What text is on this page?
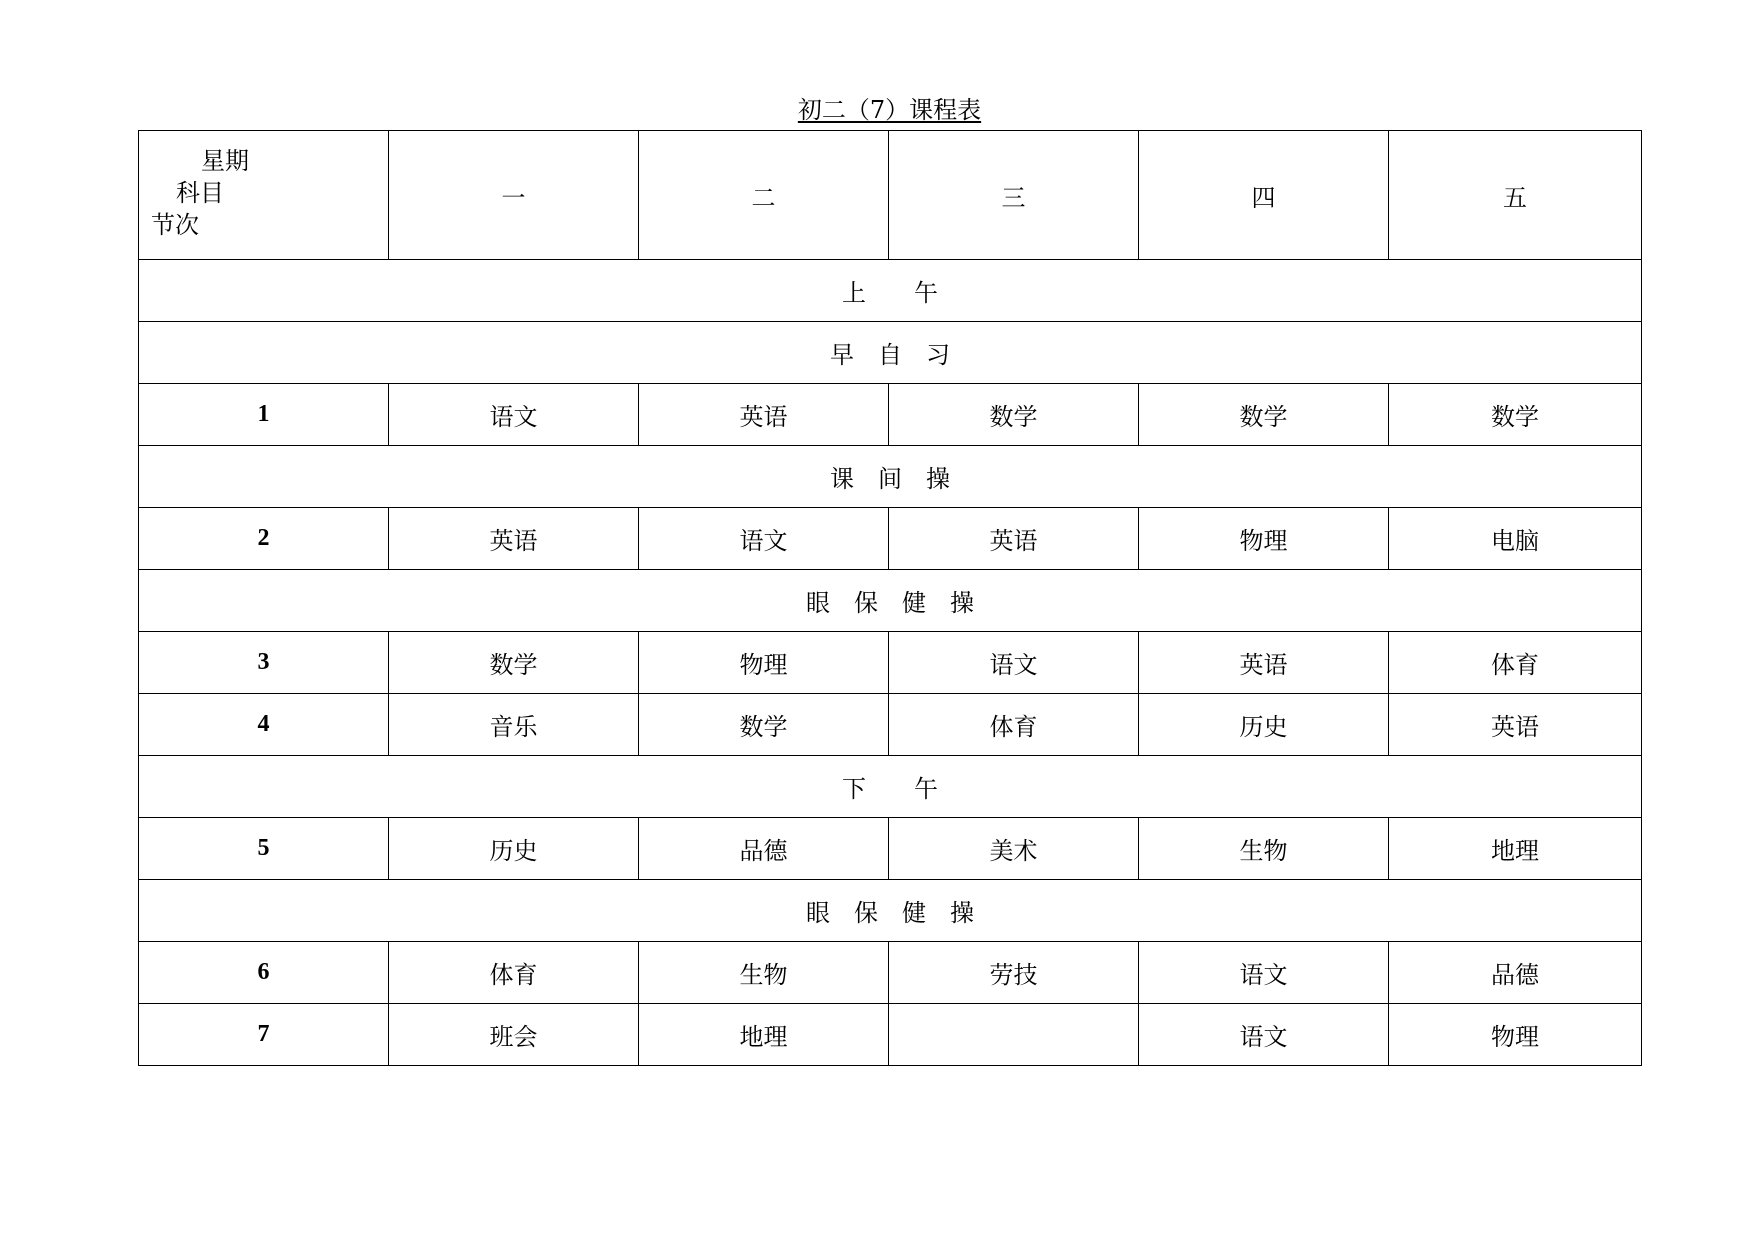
初二（7）课程表
星期
科目
节次	一	二	三	四	五
上　　午					
早　自　习					
1	语文	英语	数学	数学	数学
课　间　操					
2	英语	语文	英语	物理	电脑
眼　保　健　操					
3	数学	物理	语文	英语	体育
4	音乐	数学	体育	历史	英语
下　　午					
5	历史	品德	美术	生物	地理
眼　保　健　操					
6	体育	生物	劳技	语文	品德
7	班会	地理		语文	物理
